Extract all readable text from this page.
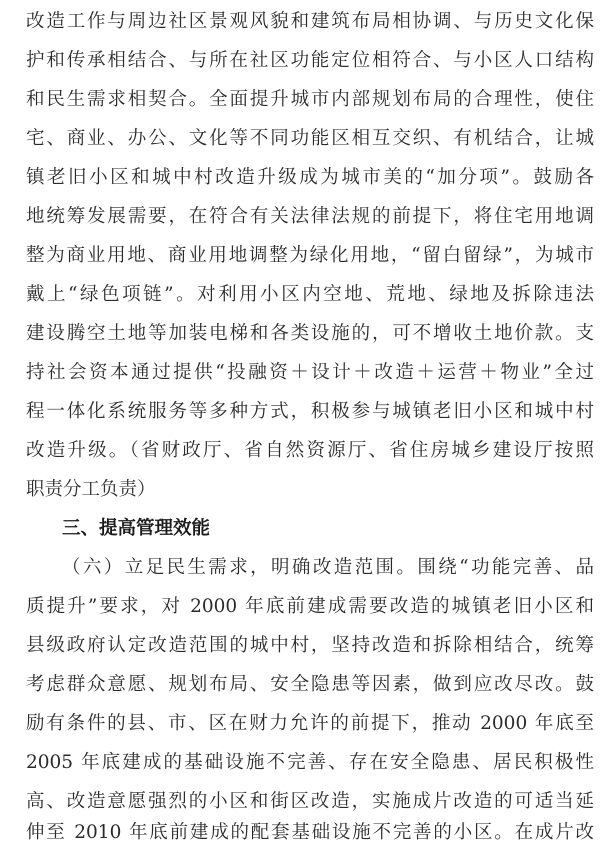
改造工作与周边社区景观风貌和建筑布局相协调、与历史文化保
护和传承相结合、与所在社区功能定位相符合、与小区人口结构
和民生需求相契合。全面提升城市内部规划布局的合理性，使住
宅、商业、办公、文化等不同功能区相互交织、有机结合，让城
镇老旧小区和城中村改造升级成为城市美的“加分项”。鼓励各
地统筹发展需要，在符合有关法律法规的前提下，将住宅用地调
整为商业用地、商业用地调整为绿化用地，“留白留绿”，为城市
戴上“绿色项链”。对利用小区内空地、荒地、绿地及拆除违法
建设腾空土地等加装电梯和各类设施的，可不增收土地价款。支
持社会资本通过提供“投融资＋设计＋改造＋运营＋物业”全过
程一体化系统服务等多种方式，积极参与城镇老旧小区和城中村
改造升级。（省财政厅、省自然资源厅、省住房城乡建设厅按照
职责分工负责）
三、提高管理效能
（六）立足民生需求，明确改造范围。围绕“功能完善、品
质提升”要求，对 2000 年底前建成需要改造的城镇老旧小区和
县级政府认定改造范围的城中村，坚持改造和拆除相结合，统筹
考虑群众意愿、规划布局、安全隐患等因素，做到应改尽改。鼓
励有条件的县、市、区在财力允许的前提下，推动 2000 年底至
2005 年底建成的基础设施不完善、存在安全隐患、居民积极性
高、改造意愿强烈的小区和街区改造，实施成片改造的可适当延
伸至 2010 年底前建成的配套基础设施不完善的小区。在成片改
